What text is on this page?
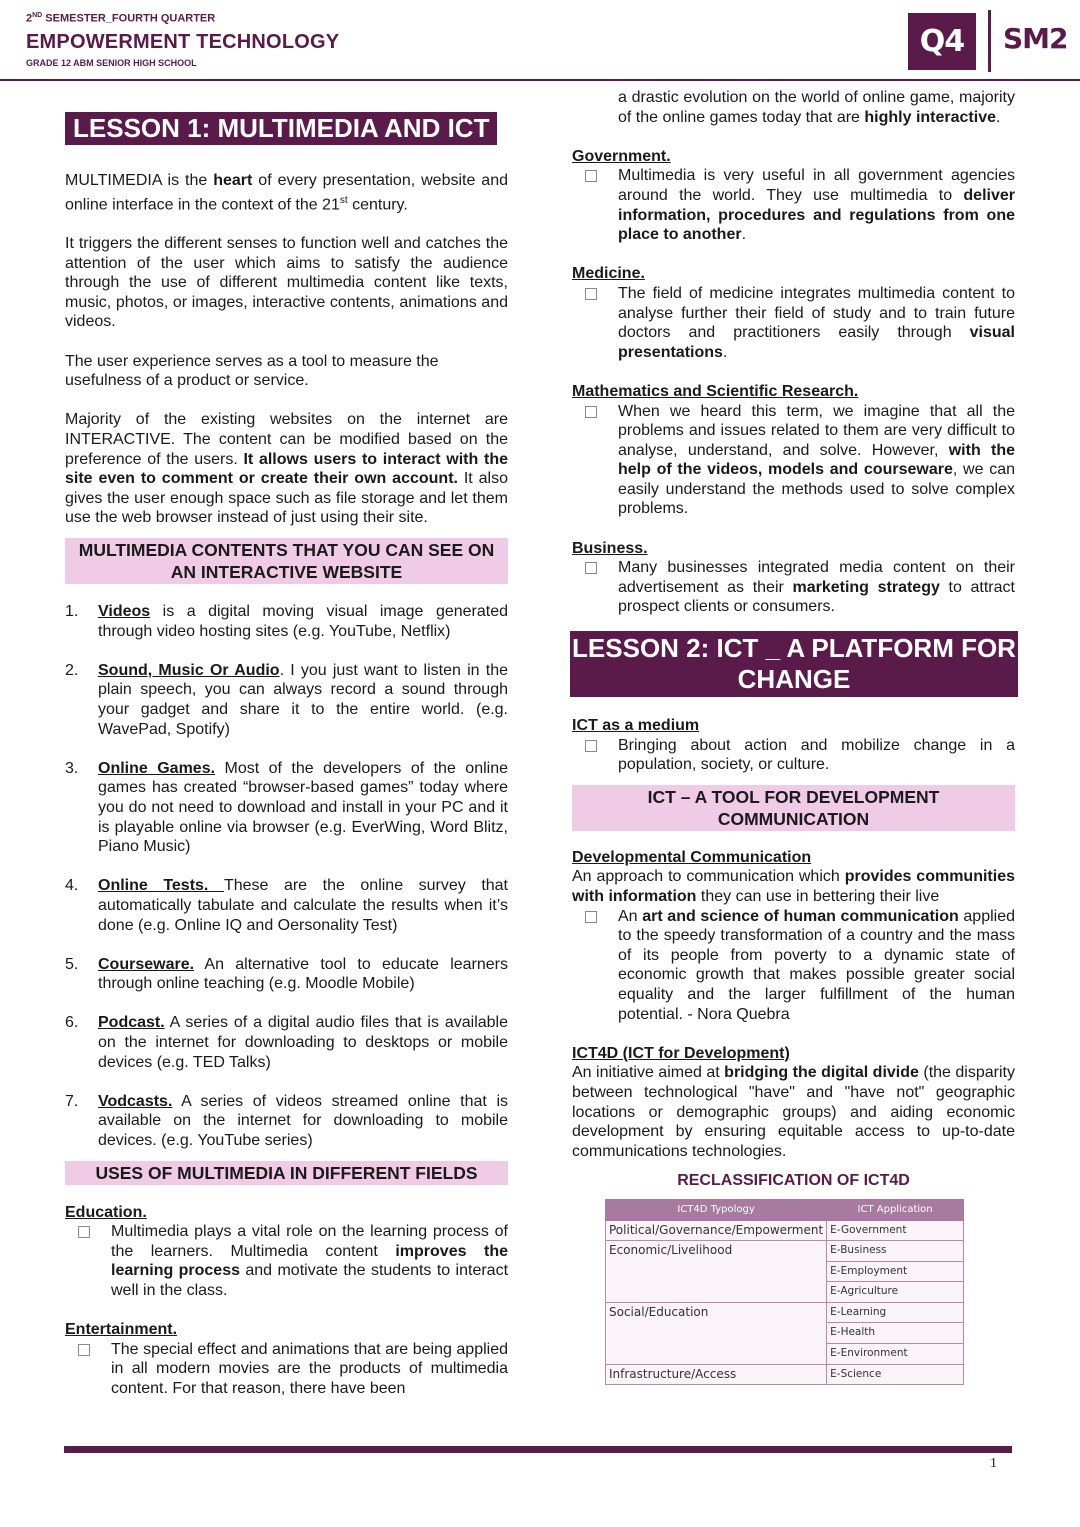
2ND SEMESTER_FOURTH QUARTER
EMPOWERMENT TECHNOLOGY
GRADE 12 ABM SENIOR HIGH SCHOOL
Q4	SM2
LESSON 1: MULTIMEDIA AND ICT

MULTIMEDIA is the heart of every presentation, website and online interface in the context of the 21st century.

It triggers the different senses to function well and catches the attention of the user which aims to satisfy the audience through the use of different multimedia content like texts, music, photos, or images, interactive contents, animations and videos.

The user experience serves as a tool to measure the
usefulness of a product or service.

Majority of the existing websites on the internet are INTERACTIVE. The content can be modified based on the preference of the users. It allows users to interact with the site even to comment or create their own account. It also gives the user enough space such as file storage and let them use the web browser instead of just using their site.

MULTIMEDIA CONTENTS THAT YOU CAN SEE ON
AN INTERACTIVE WEBSITE
1.	Videos is a digital moving visual image generated through video hosting sites (e.g. YouTube, Netflix)
2.	Sound, Music Or Audio. I you just want to listen in the plain speech, you can always record a sound through your gadget and share it to the entire world. (e.g. WavePad, Spotify)
3.	Online Games. Most of the developers of the online games has created “browser-based games” today where you do not need to download and install in your PC and it is playable online via browser (e.g. EverWing, Word Blitz, Piano Music)
4.	Online Tests. These are the online survey that automatically tabulate and calculate the results when it’s done (e.g. Online IQ and Oersonality Test)
5.	Courseware. An alternative tool to educate learners through online teaching (e.g. Moodle Mobile)
6.	Podcast. A series of a digital audio files that is available on the internet for downloading to desktops or mobile devices (e.g. TED Talks)
7.	Vodcasts. A series of videos streamed online that is available on the internet for downloading to mobile devices. (e.g. YouTube series)
USES OF MULTIMEDIA IN DIFFERENT FIELDS
Education.
Multimedia plays a vital role on the learning process of the learners. Multimedia content improves the learning process and motivate the students to interact well in the class.
Entertainment.
The special effect and animations that are being applied in all modern movies are the products of multimedia content. For that reason, there have been
a drastic evolution on the world of online game, majority of the online games today that are highly interactive.
Government.
Multimedia is very useful in all government agencies around the world. They use multimedia to deliver information, procedures and regulations from one place to another.
Medicine.
The field of medicine integrates multimedia content to analyse further their field of study and to train future doctors and practitioners easily through visual presentations.
Mathematics and Scientific Research.
When we heard this term, we imagine that all the problems and issues related to them are very difficult to analyse, understand, and solve. However, with the help of the videos, models and courseware, we can easily understand the methods used to solve complex problems.
Business.
Many businesses integrated media content on their advertisement as their marketing strategy to attract prospect clients or consumers.
LESSON 2: ICT _ A PLATFORM FOR
CHANGE
ICT as a medium
Bringing about action and mobilize change in a population, society, or culture.
ICT – A TOOL FOR DEVELOPMENT
COMMUNICATION
Developmental Communication

An approach to communication which provides communities with information they can use in bettering their live

An art and science of human communication applied to the speedy transformation of a country and the mass of its people from poverty to a dynamic state of economic growth that makes possible greater social equality and the larger fulfillment of the human potential. - Nora Quebra
ICT4D (ICT for Development)

An initiative aimed at bridging the digital divide (the disparity between technological "have" and "have not" geographic locations or demographic groups) and aiding economic development by ensuring equitable access to up-to-date communications technologies.

RECLASSIFICATION OF ICT4D
ICT4D Typology	ICT Application
Political/Governance/Empowerment	E-Government
Economic/Livelihood	E-Business
	E-Employment
	E-Agriculture
Social/Education	E-Learning
	E-Health
	E-Environment
Infrastructure/Access	E-Science
1
